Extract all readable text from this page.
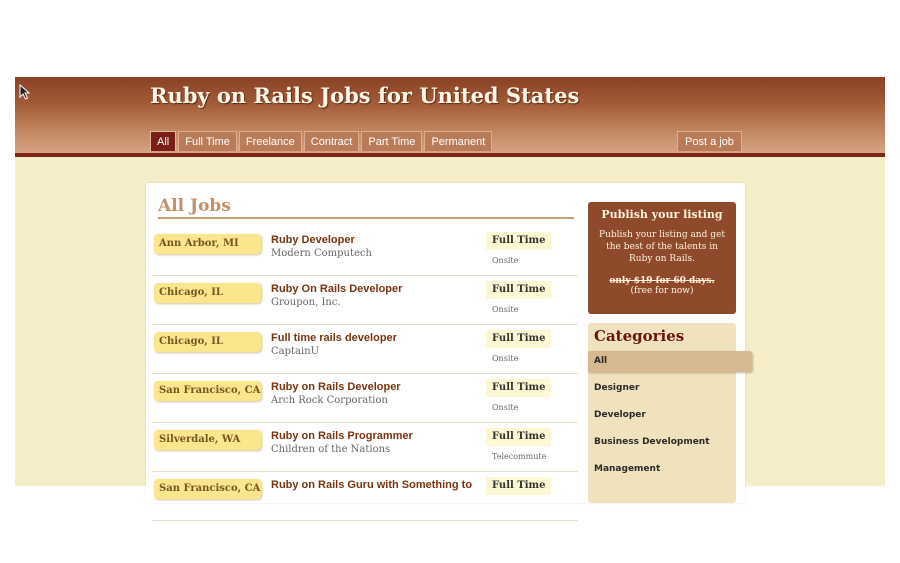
Ruby on Rails Jobs for United States
All	Full Time	Freelance	Contract	Part Time	Permanent	Post a job
All Jobs
Ann Arbor, MI	Ruby Developer
Modern Computech
Full Time
Onsite
Chicago, IL	Ruby On Rails Developer
Groupon, Inc.
Full Time
Onsite
Chicago, IL	Full time rails developer
CaptainU
Full Time
Onsite
San Francisco, CA Ruby on Rails Developer
Arch Rock Corporation
Full Time
Onsite
Silverdale, WA	Ruby on Rails Programmer
Children of the Nations
Full Time
Telecommute
San Francisco, CA Ruby on Rails Guru with Something to	Full Time
Publish your listing
Publish your listing and get the best of the talents in Ruby on Rails.
only $19 for 60 days.
(free for now)
Categories
All
Designer
Developer
Business Development
Management
